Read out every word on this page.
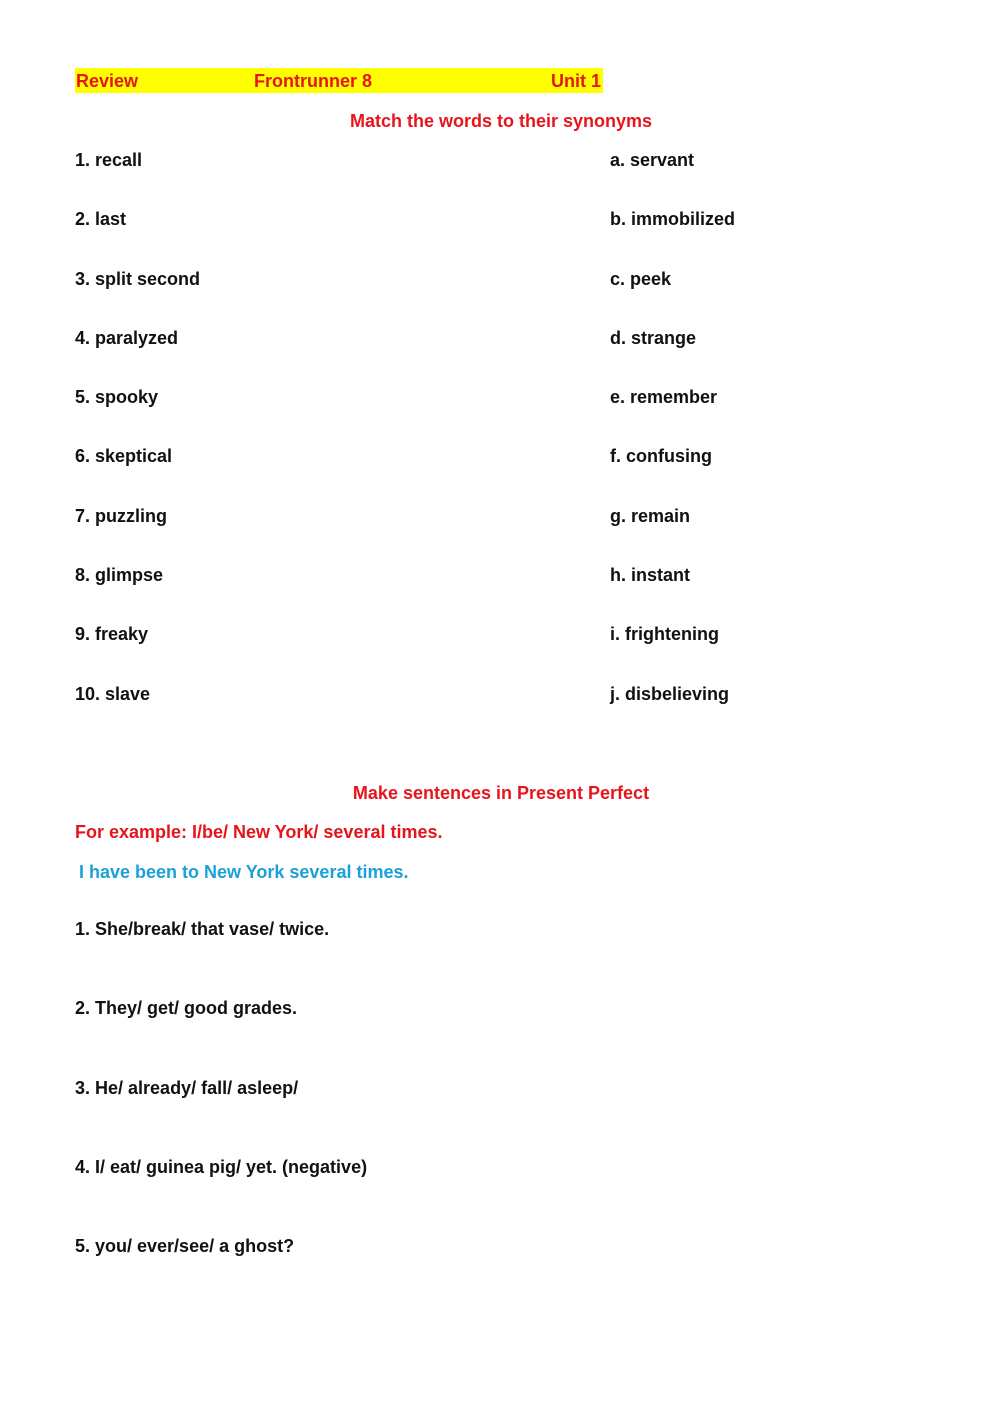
Review	Frontrunner 8	Unit 1
Match the words to their synonyms
1. recall
2. last
3. split second
4. paralyzed
5. spooky
6. skeptical
7. puzzling
8. glimpse
9. freaky
10. slave
a. servant
b. immobilized
c. peek
d. strange
e. remember
f. confusing
g. remain
h. instant
i. frightening
j. disbelieving
Make sentences in Present Perfect
For example: I/be/ New York/ several times.
I have been to New York several times.
1. She/break/ that vase/ twice.
2. They/ get/ good grades.
3. He/ already/ fall/ asleep/
4. I/ eat/ guinea pig/ yet. (negative)
5. you/ ever/see/ a ghost?
